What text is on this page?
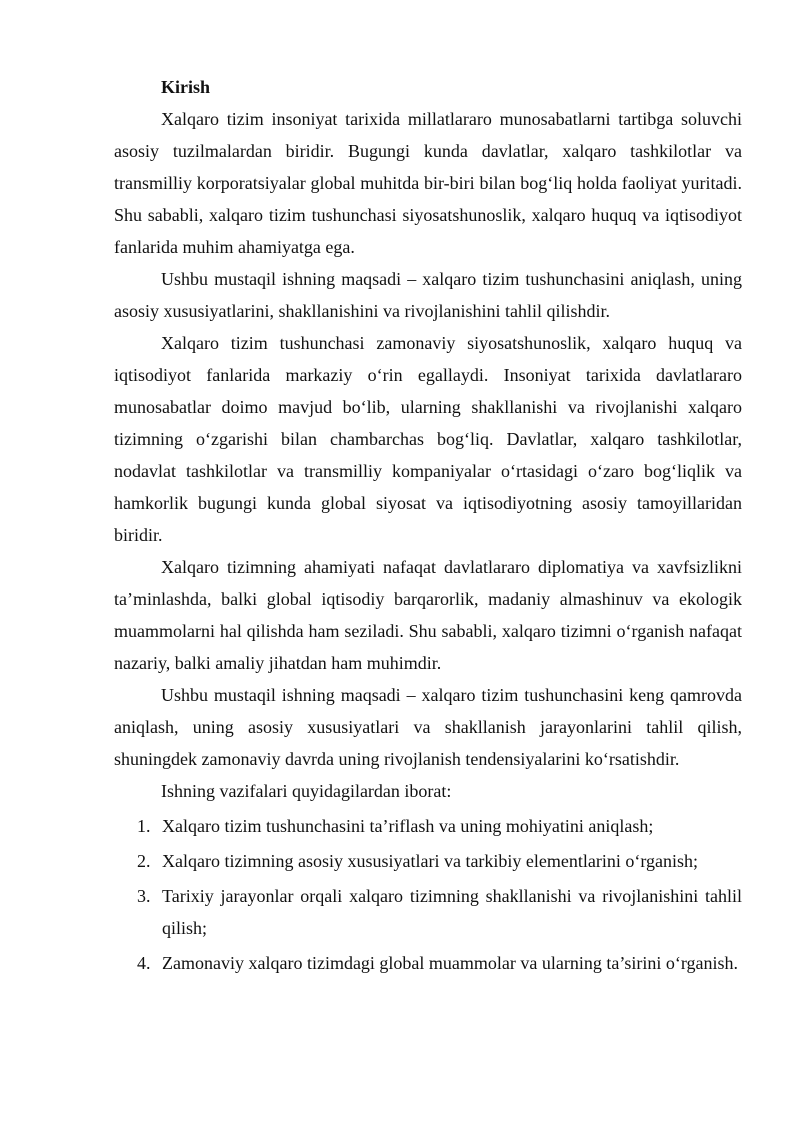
Kirish

Xalqaro tizim insoniyat tarixida millatlararo munosabatlarni tartibga soluvchi asosiy tuzilmalardan biridir. Bugungi kunda davlatlar, xalqaro tashkilotlar va transmilliy korporatsiyalar global muhitda bir-biri bilan bog‘liq holda faoliyat yuritadi. Shu sababli, xalqaro tizim tushunchasi siyosatshunoslik, xalqaro huquq va iqtisodiyot fanlarida muhim ahamiyatga ega.

Ushbu mustaqil ishning maqsadi – xalqaro tizim tushunchasini aniqlash, uning asosiy xususiyatlarini, shakllanishini va rivojlanishini tahlil qilishdir.

Xalqaro tizim tushunchasi zamonaviy siyosatshunoslik, xalqaro huquq va iqtisodiyot fanlarida markaziy o‘rin egallaydi. Insoniyat tarixida davlatlararo munosabatlar doimo mavjud bo‘lib, ularning shakllanishi va rivojlanishi xalqaro tizimning o‘zgarishi bilan chambarchas bog‘liq. Davlatlar, xalqaro tashkilotlar, nodavlat tashkilotlar va transmilliy kompaniyalar o‘rtasidagi o‘zaro bog‘liqlik va hamkorlik bugungi kunda global siyosat va iqtisodiyotning asosiy tamoyillaridan biridir.

Xalqaro tizimning ahamiyati nafaqat davlatlararo diplomatiya va xavfsizlikni ta’minlashda, balki global iqtisodiy barqarorlik, madaniy almashinuv va ekologik muammolarni hal qilishda ham seziladi. Shu sababli, xalqaro tizimni o‘rganish nafaqat nazariy, balki amaliy jihatdan ham muhimdir.

Ushbu mustaqil ishning maqsadi – xalqaro tizim tushunchasini keng qamrovda aniqlash, uning asosiy xususiyatlari va shakllanish jarayonlarini tahlil qilish, shuningdek zamonaviy davrda uning rivojlanish tendensiyalarini ko‘rsatishdir.

Ishning vazifalari quyidagilardan iborat:

1. Xalqaro tizim tushunchasini ta’riflash va uning mohiyatini aniqlash;
2. Xalqaro tizimning asosiy xususiyatlari va tarkibiy elementlarini o‘rganish;
3. Tarixiy jarayonlar orqali xalqaro tizimning shakllanishi va rivojlanishini tahlil qilish;
4. Zamonaviy xalqaro tizimdagi global muammolar va ularning ta’sirini o‘rganish.
